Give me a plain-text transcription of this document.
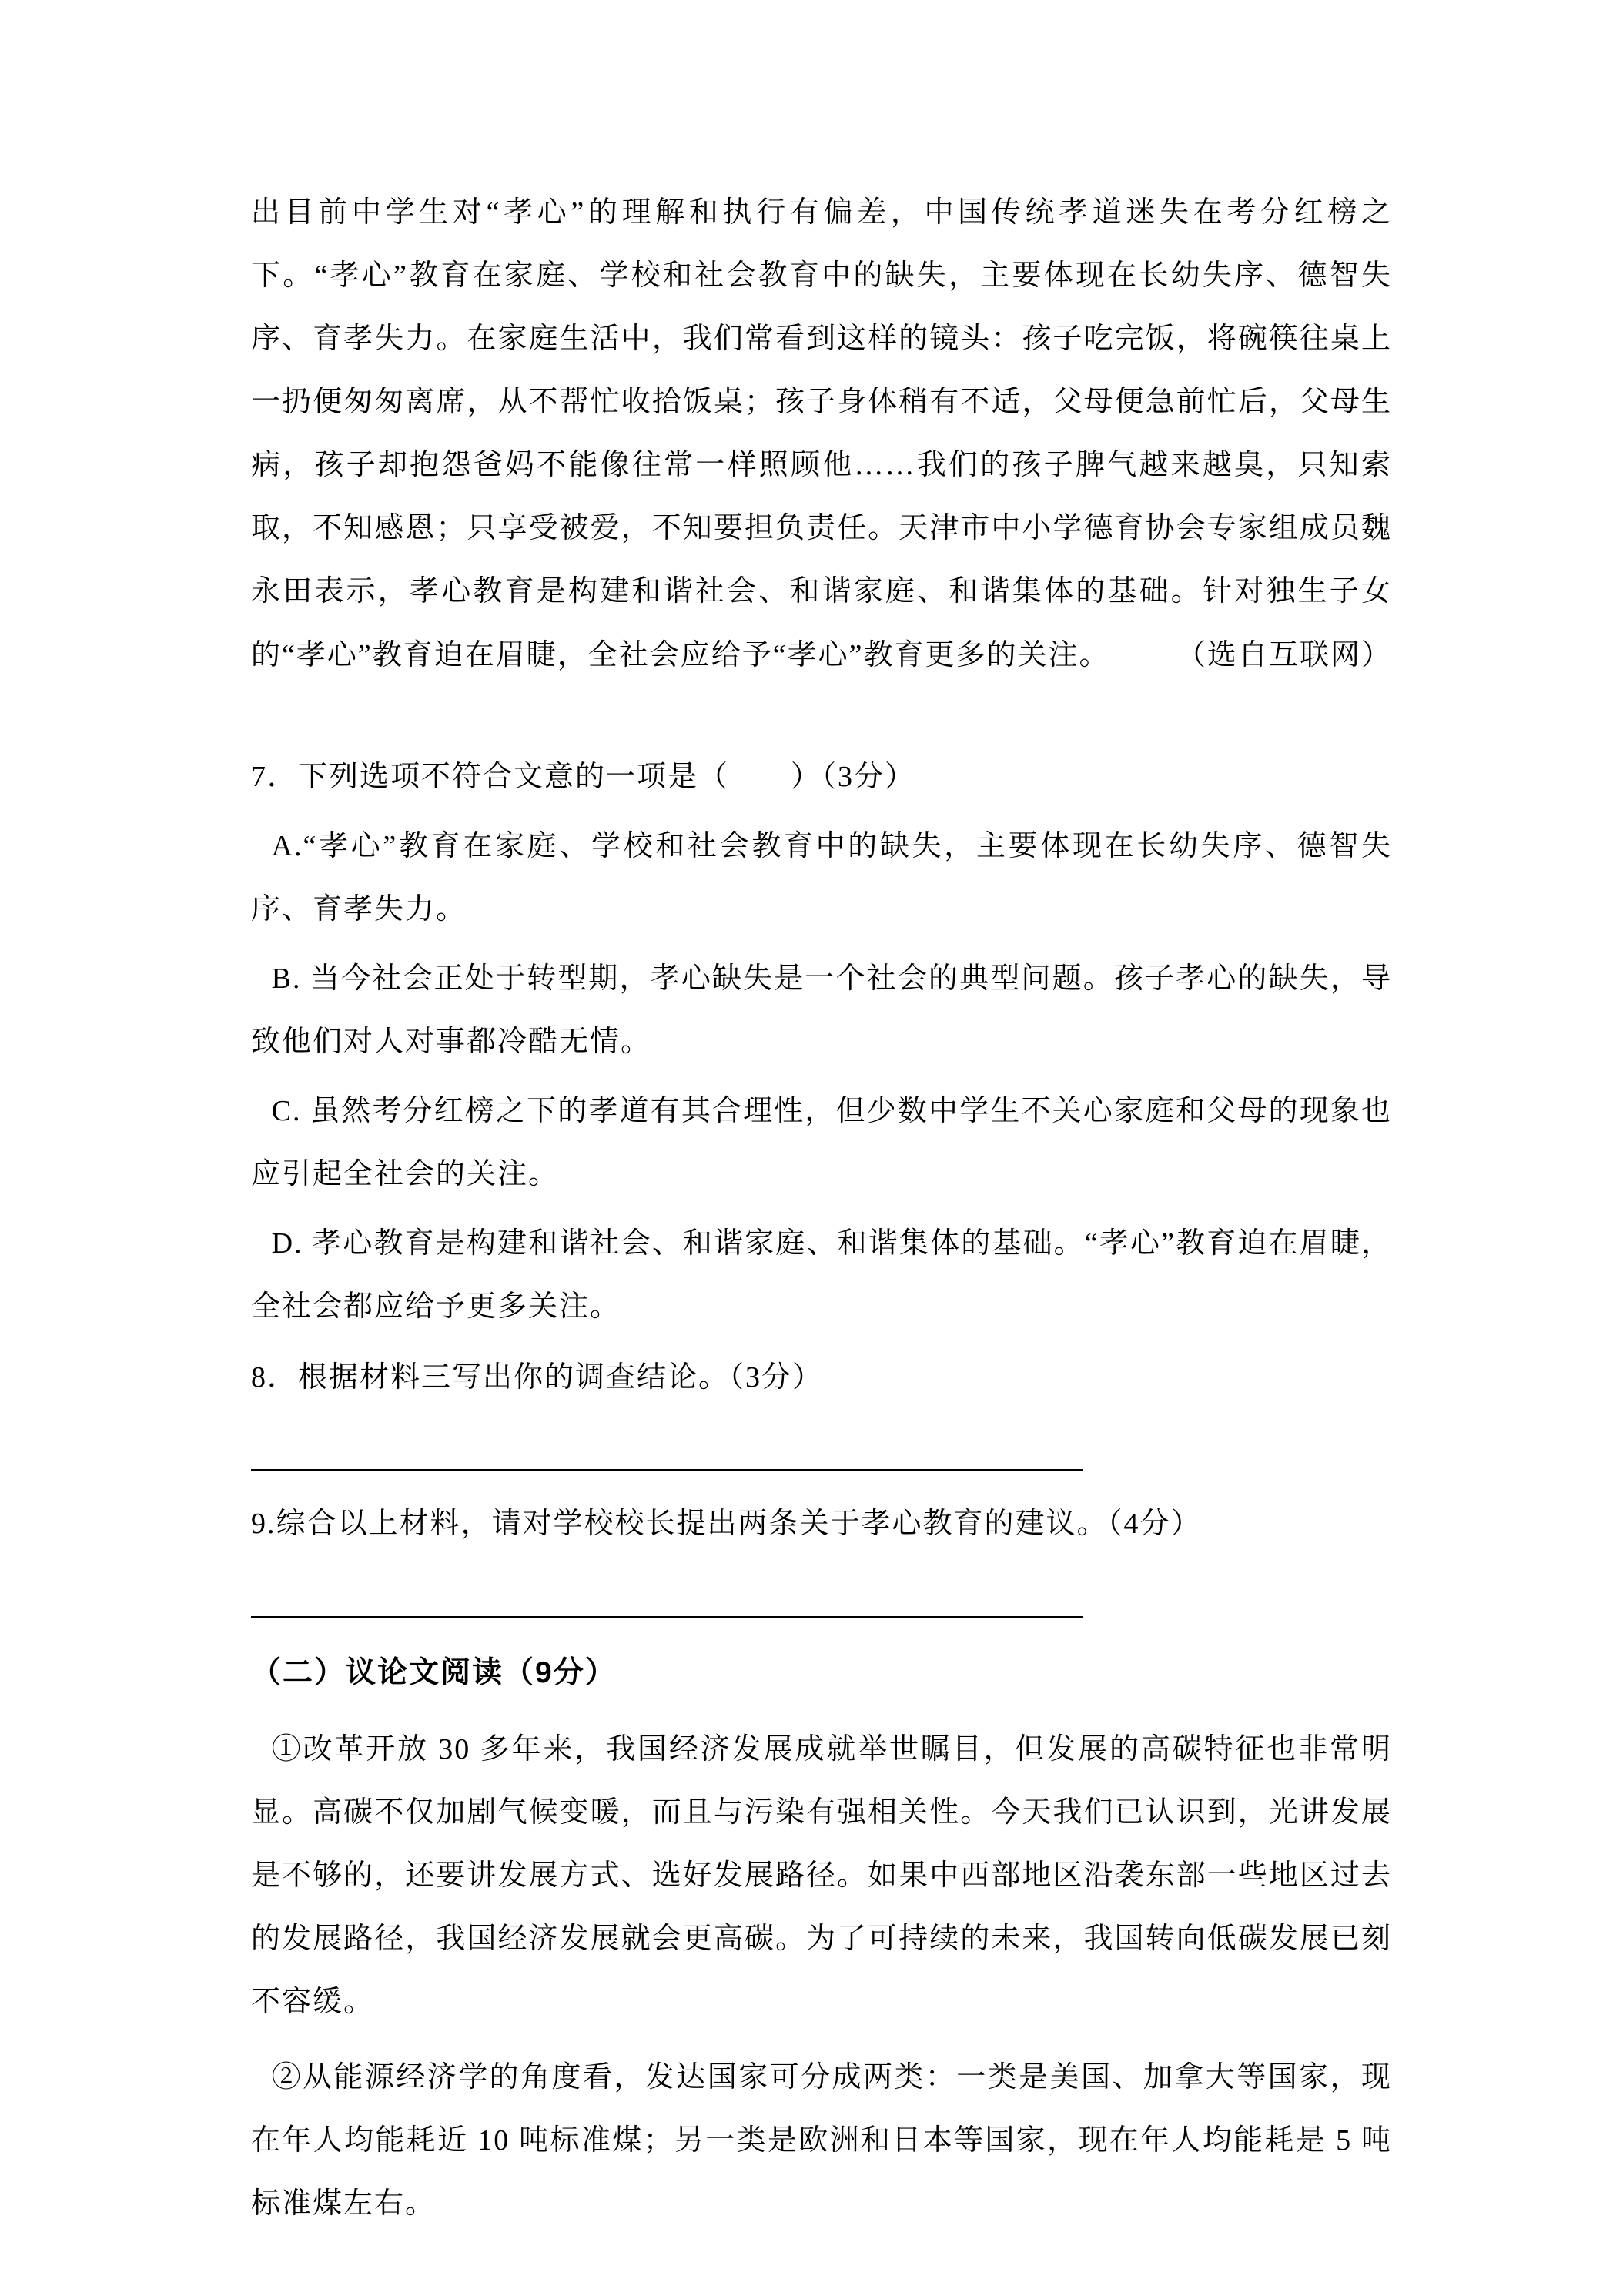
出目前中学生对“孝心”的理解和执行有偏差，中国传统孝道迷失在考分红榜之下。“孝心”教育在家庭、学校和社会教育中的缺失，主要体现在长幼失序、德智失序、育孝失力。在家庭生活中，我们常看到这样的镜头：孩子吃完饭，将碗筷往桌上一扔便匆匆离席，从不帮忙收拾饭桌；孩子身体稍有不适，父母便急前忙后，父母生病，孩子却抱怨爸妈不能像往常一样照顾他……我们的孩子脾气越来越臭，只知索取，不知感恩；只享受被爱，不知要担负责任。天津市中小学德育协会专家组成员魏永田表示，孝心教育是构建和谐社会、和谐家庭、和谐集体的基础。针对独生子女的“孝心”教育迫在眉睫，全社会应给予“孝心”教育更多的关注。	（选自互联网）

7．下列选项不符合文意的一项是（　　）（3分）

A.“孝心”教育在家庭、学校和社会教育中的缺失，主要体现在长幼失序、德智失序、育孝失力。

B. 当今社会正处于转型期，孝心缺失是一个社会的典型问题。孩子孝心的缺失，导致他们对人对事都冷酷无情。

C. 虽然考分红榜之下的孝道有其合理性，但少数中学生不关心家庭和父母的现象也应引起全社会的关注。

D. 孝心教育是构建和谐社会、和谐家庭、和谐集体的基础。“孝心”教育迫在眉睫，全社会都应给予更多关注。

8．根据材料三写出你的调查结论。（3分）

9.综合以上材料，请对学校校长提出两条关于孝心教育的建议。（4分）

（二）议论文阅读（9分）

①改革开放 30 多年来，我国经济发展成就举世瞩目，但发展的高碳特征也非常明显。高碳不仅加剧气候变暖，而且与污染有强相关性。今天我们已认识到，光讲发展是不够的，还要讲发展方式、选好发展路径。如果中西部地区沿袭东部一些地区过去的发展路径，我国经济发展就会更高碳。为了可持续的未来，我国转向低碳发展已刻不容缓。

②从能源经济学的角度看，发达国家可分成两类：一类是美国、加拿大等国家，现在年人均能耗近 10 吨标准煤；另一类是欧洲和日本等国家，现在年人均能耗是 5 吨标准煤左右。
